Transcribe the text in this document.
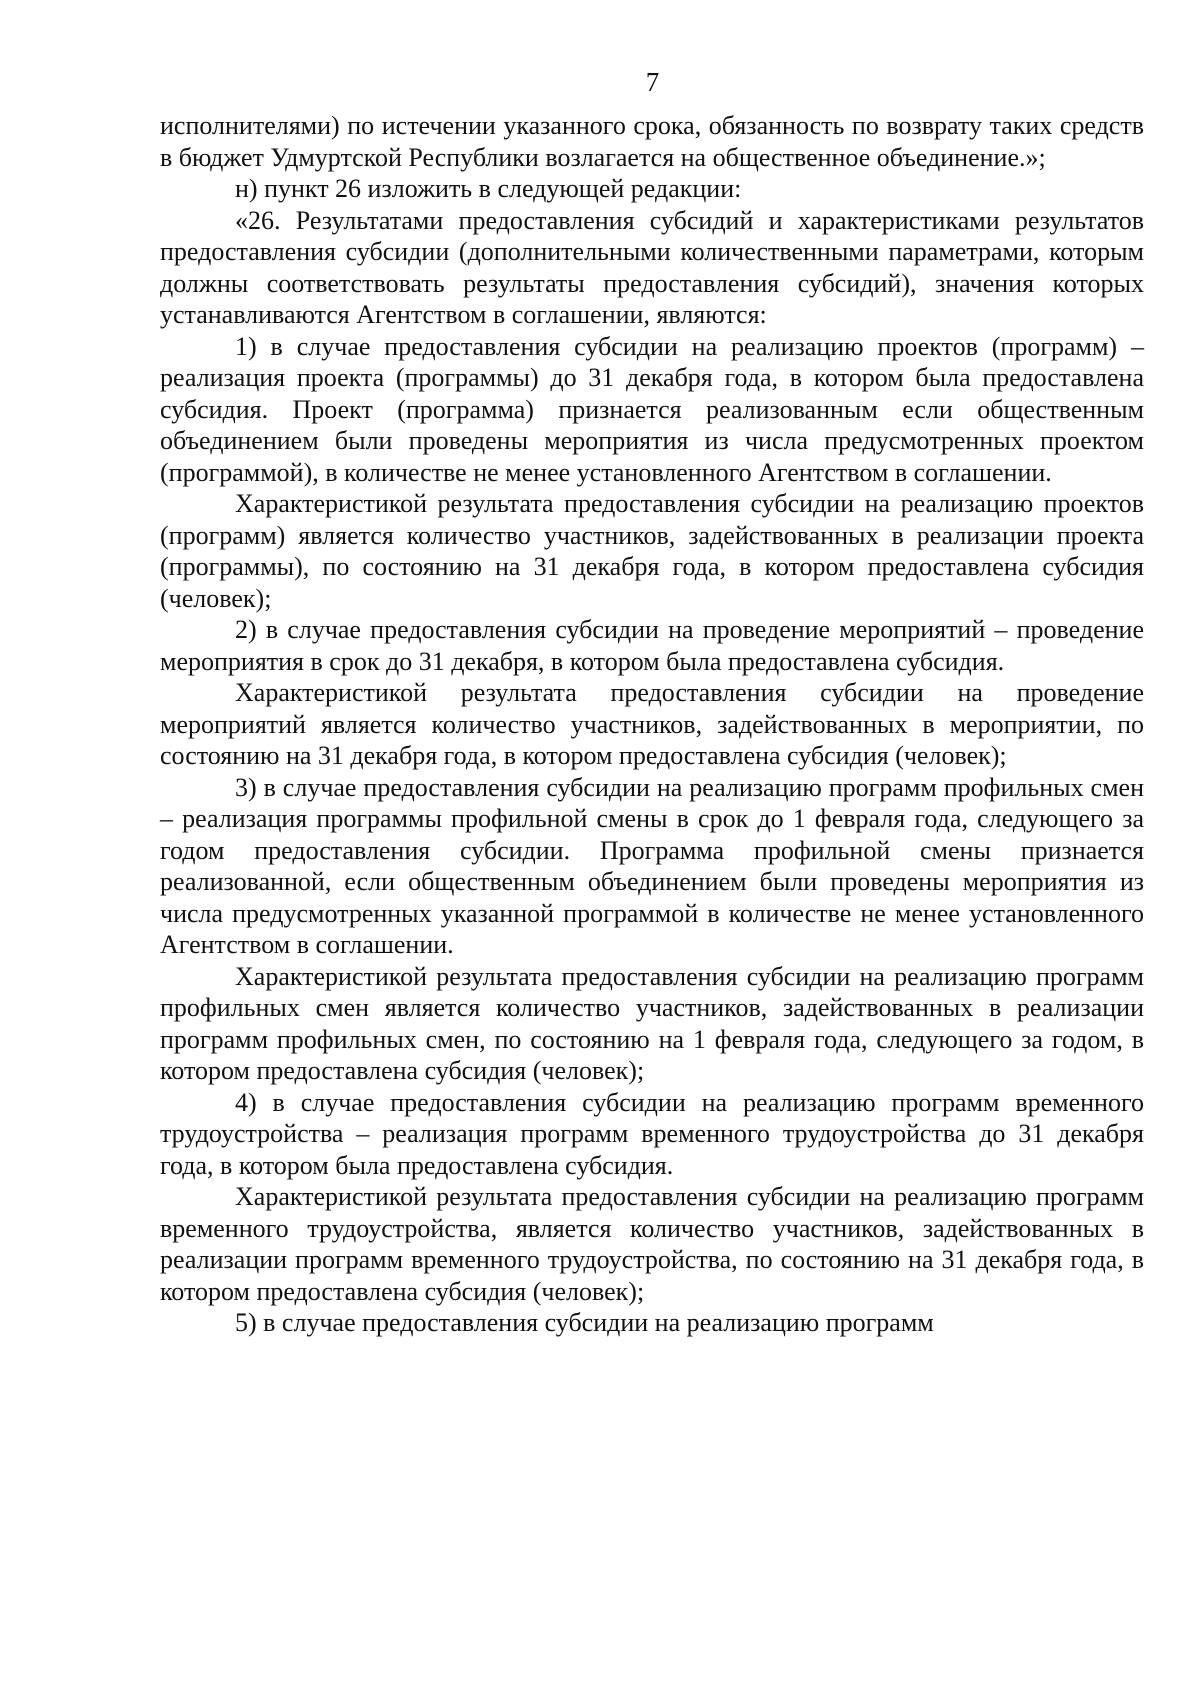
7

исполнителями) по истечении указанного срока, обязанность по возврату таких средств в бюджет Удмуртской Республики возлагается на общественное объединение.»;

н) пункт 26 изложить в следующей редакции:

«26. Результатами предоставления субсидий и характеристиками результатов предоставления субсидии (дополнительными количественными параметрами, которым должны соответствовать результаты предоставления субсидий), значения которых устанавливаются Агентством в соглашении, являются:

1) в случае предоставления субсидии на реализацию проектов (программ) – реализация проекта (программы) до 31 декабря года, в котором была предоставлена субсидия. Проект (программа) признается реализованным если общественным объединением были проведены мероприятия из числа предусмотренных проектом (программой), в количестве не менее установленного Агентством в соглашении.

Характеристикой результата предоставления субсидии на реализацию проектов (программ) является количество участников, задействованных в реализации проекта (программы), по состоянию на 31 декабря года, в котором предоставлена субсидия (человек);

2) в случае предоставления субсидии на проведение мероприятий – проведение мероприятия в срок до 31 декабря, в котором была предоставлена субсидия.

Характеристикой результата предоставления субсидии на проведение мероприятий является количество участников, задействованных в мероприятии, по состоянию на 31 декабря года, в котором предоставлена субсидия (человек);

3) в случае предоставления субсидии на реализацию программ профильных смен – реализация программы профильной смены в срок до 1 февраля года, следующего за годом предоставления субсидии. Программа профильной смены признается реализованной, если общественным объединением были проведены мероприятия из числа предусмотренных указанной программой в количестве не менее установленного Агентством в соглашении.

Характеристикой результата предоставления субсидии на реализацию программ профильных смен является количество участников, задействованных в реализации программ профильных смен, по состоянию на 1 февраля года, следующего за годом, в котором предоставлена субсидия (человек);

4) в случае предоставления субсидии на реализацию программ временного трудоустройства – реализация программ временного трудоустройства до 31 декабря года, в котором была предоставлена субсидия.

Характеристикой результата предоставления субсидии на реализацию программ временного трудоустройства, является количество участников, задействованных в реализации программ временного трудоустройства, по состоянию на 31 декабря года, в котором предоставлена субсидия (человек);

5) в случае предоставления субсидии на реализацию программ
